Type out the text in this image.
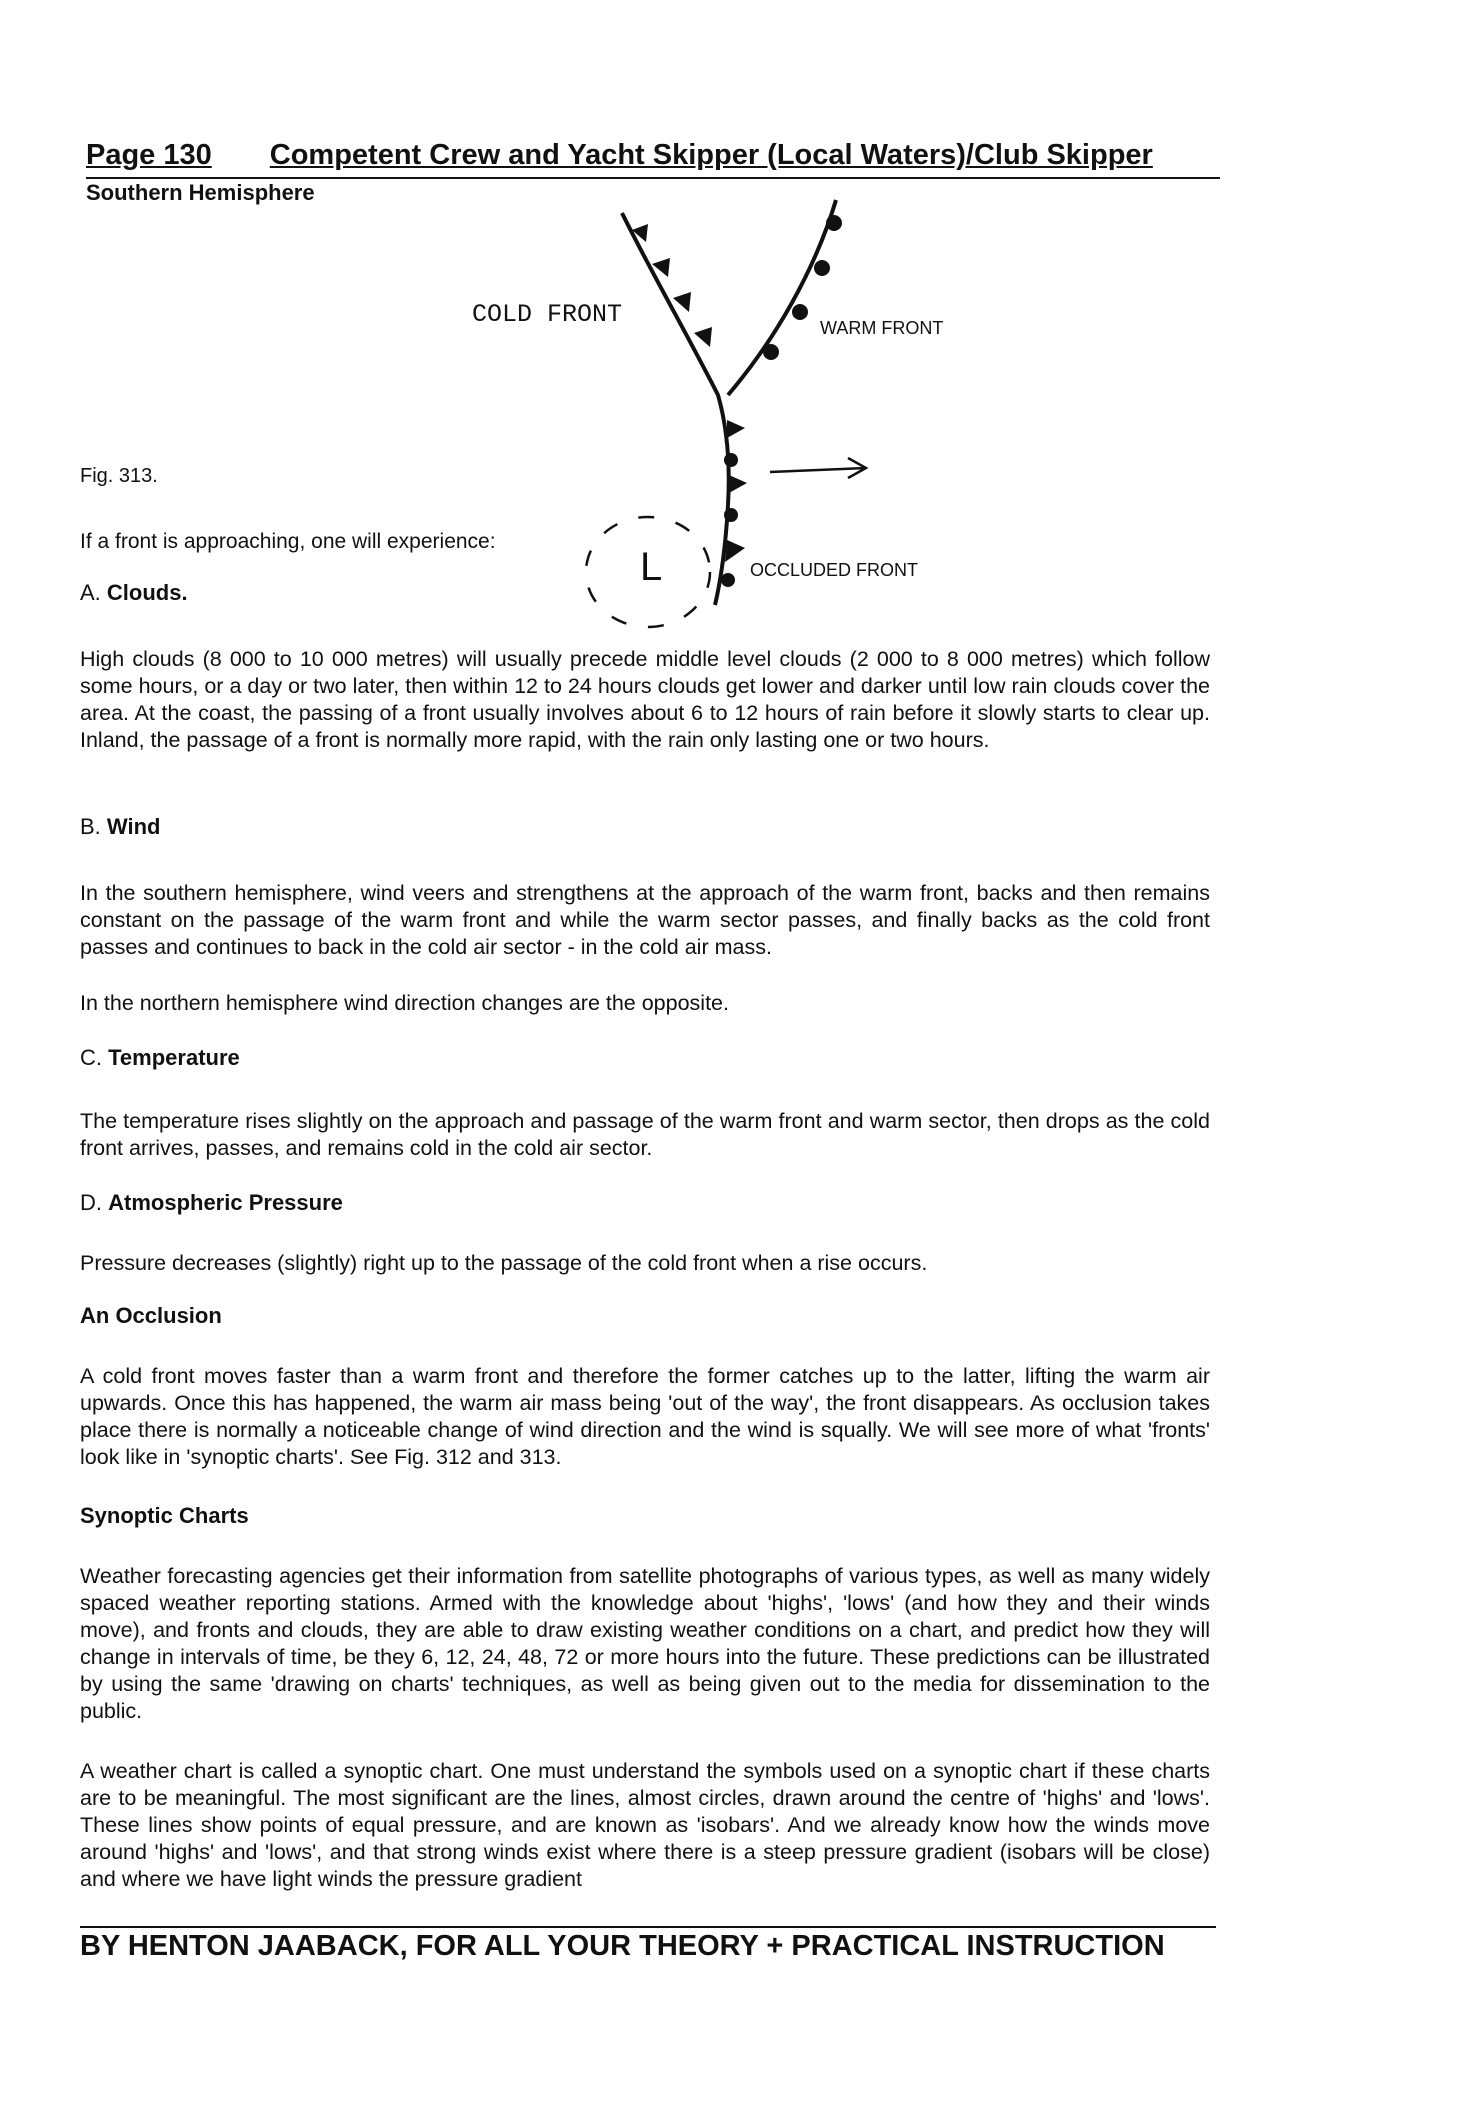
Page 130 Competent Crew and Yacht Skipper (Local Waters)/Club Skipper
Southern Hemisphere
COLD FRONT	WARM FRONT
OCCLUDED FRONT
L
Fig. 313.
If a front is approaching, one will experience:
A. Clouds.
High clouds (8 000 to 10 000 metres) will usually precede middle level clouds (2 000 to 8 000 metres) which follow some hours, or a day or two later, then within 12 to 24 hours clouds get lower and darker until low rain clouds cover the area. At the coast, the passing of a front usually involves about 6 to 12 hours of rain before it slowly starts to clear up. Inland, the passage of a front is normally more rapid, with the rain only lasting one or two hours.
B. Wind
In the southern hemisphere, wind veers and strengthens at the approach of the warm front, backs and then remains constant on the passage of the warm front and while the warm sector passes, and finally backs as the cold front passes and continues to back in the cold air sector - in the cold air mass.
In the northern hemisphere wind direction changes are the opposite.
C. Temperature
The temperature rises slightly on the approach and passage of the warm front and warm sector, then drops as the cold front arrives, passes, and remains cold in the cold air sector.
D. Atmospheric Pressure
Pressure decreases (slightly) right up to the passage of the cold front when a rise occurs.
An Occlusion
A cold front moves faster than a warm front and therefore the former catches up to the latter, lifting the warm air upwards. Once this has happened, the warm air mass being 'out of the way', the front disappears. As occlusion takes place there is normally a noticeable change of wind direction and the wind is squally. We will see more of what 'fronts' look like in 'synoptic charts'. See Fig. 312 and 313.
Synoptic Charts
Weather forecasting agencies get their information from satellite photographs of various types, as well as many widely spaced weather reporting stations. Armed with the knowledge about 'highs', 'lows' (and how they and their winds move), and fronts and clouds, they are able to draw existing weather conditions on a chart, and predict how they will change in intervals of time, be they 6, 12, 24, 48, 72 or more hours into the future. These predictions can be illustrated by using the same 'drawing on charts' techniques, as well as being given out to the media for dissemination to the public.
A weather chart is called a synoptic chart. One must understand the symbols used on a synoptic chart if these charts are to be meaningful. The most significant are the lines, almost circles, drawn around the centre of 'highs' and 'lows'. These lines show points of equal pressure, and are known as 'isobars'. And we already know how the winds move around 'highs' and 'lows', and that strong winds exist where there is a steep pressure gradient (isobars will be close) and where we have light winds the pressure gradient
BY HENTON JAABACK, FOR ALL YOUR THEORY + PRACTICAL INSTRUCTION
